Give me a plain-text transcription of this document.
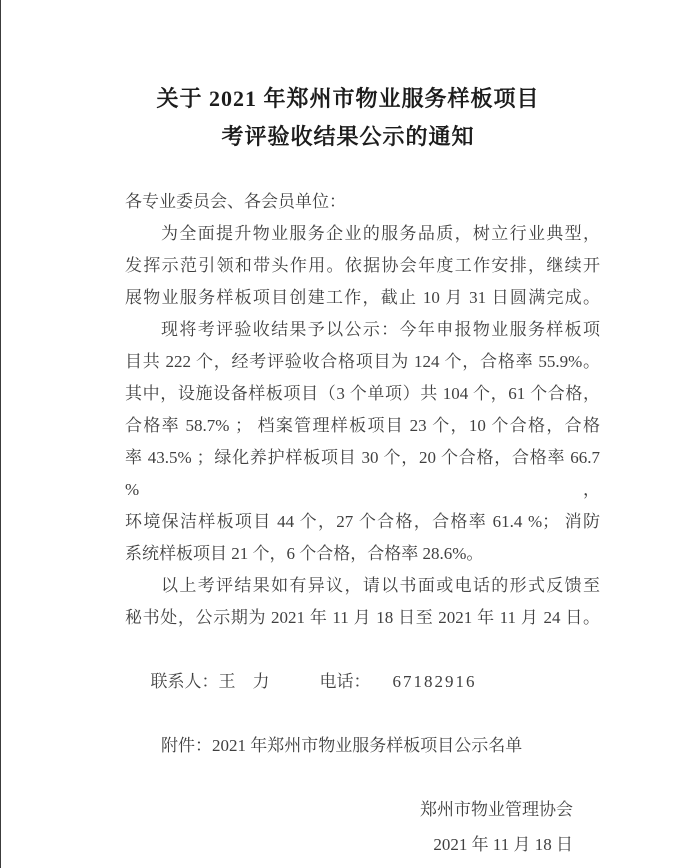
关于 2021 年郑州市物业服务样板项目
考评验收结果公示的通知
各专业委员会、各会员单位：
为全面提升物业服务企业的服务品质，树立行业典型，
发挥示范引领和带头作用。依据协会年度工作安排，继续开
展物业服务样板项目创建工作，截止 10 月 31 日圆满完成。
现将考评验收结果予以公示：今年申报物业服务样板项
目共 222 个，经考评验收合格项目为 124 个，合格率 55.9%。
其中，设施设备样板项目（3 个单项）共 104 个，61 个合格，
合格率 58.7% ； 档案管理样板项目 23 个，10 个合格，合格
率 43.5% ；绿化养护样板项目 30 个，20 个合格，合格率 66.7 %，
环境保洁样板项目 44 个，27 个合格，合格率 61.4 %； 消防
系统样板项目 21 个，6 个合格，合格率 28.6%。
以上考评结果如有异议，请以书面或电话的形式反馈至
秘书处，公示期为 2021 年 11 月 18 日至 2021 年 11 月 24 日。

联系人：王　力	电话： 67182916

附件：2021 年郑州市物业服务样板项目公示名单
郑州市物业管理协会
2021 年 11 月 18 日
